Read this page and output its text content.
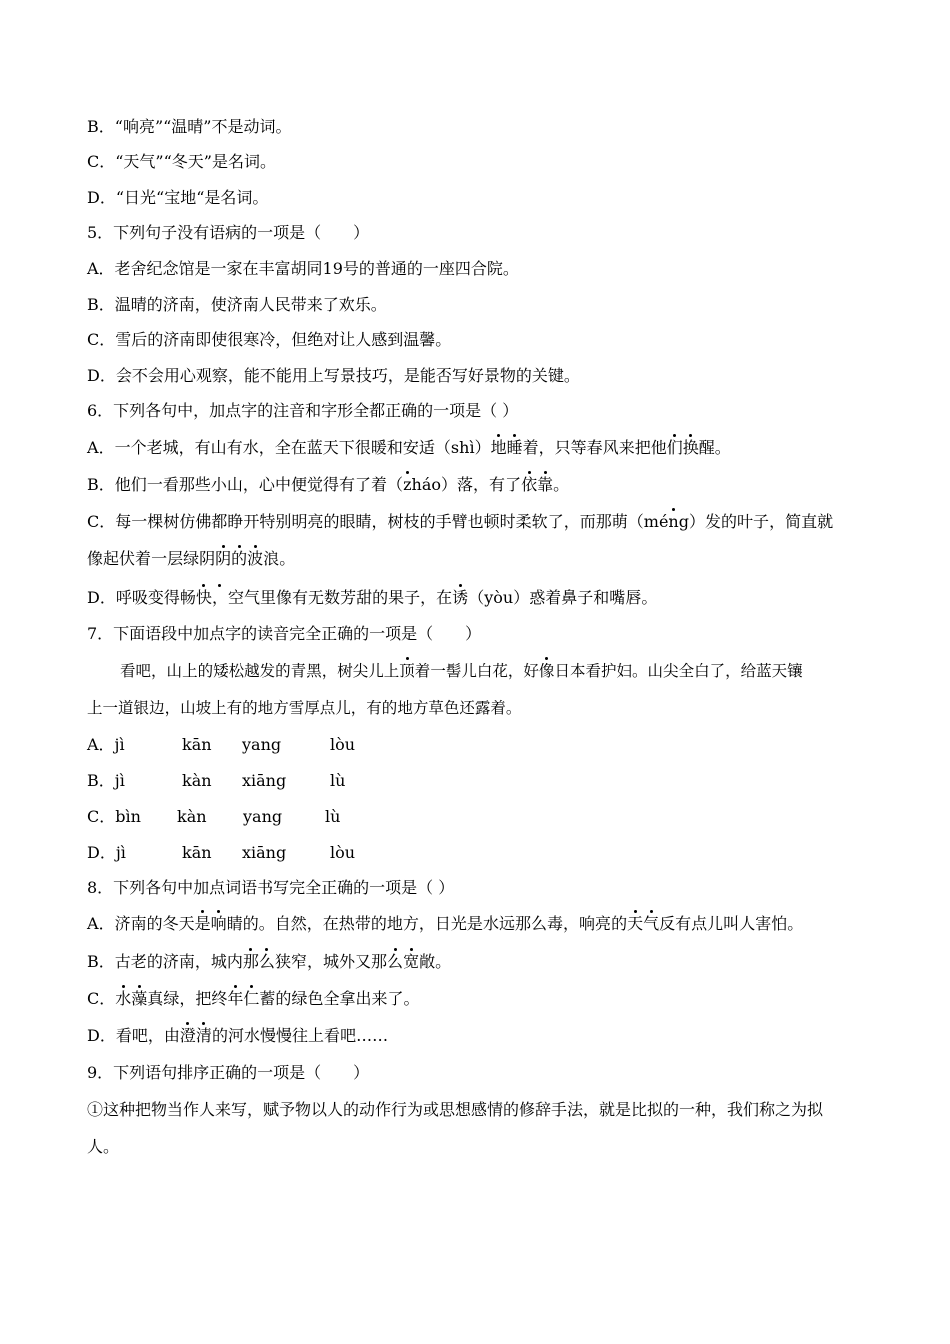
B．“响亮”“温晴”不是动词。
C．“天气”“冬天”是名词。
D．“日光“宝地“是名词。
5．下列句子没有语病的一项是（　　）
A．老舍纪念馆是一家在丰富胡同19号的普通的一座四合院。
B．温晴的济南，使济南人民带来了欢乐。
C．雪后的济南即使很寒冷，但绝对让人感到温馨。
D．会不会用心观察，能不能用上写景技巧，是能否写好景物的关键。
6．下列各句中，加点字的注音和字形全都正确的一项是（ ）
A．一个老城，有山有水，全在蓝天下很暖和安适（shì）地睡着，只等春风来把他们换醒。
B．他们一看那些小山，心中便觉得有了着（zháo）落，有了依靠。
C．每一棵树仿佛都睁开特别明亮的眼睛，树枝的手臂也顿时柔软了，而那萌（méng）发的叶子，简直就
像起伏着一层绿阴阴的波浪。
D．呼吸变得畅快，空气里像有无数芳甜的果子，在诱（yòu）惑着鼻子和嘴唇。
7．下面语段中加点字的读音完全正确的一项是（　　）
看吧，山上的矮松越发的青黑，树尖儿上顶着一髻儿白花，好像日本看护妇。山尖全白了，给蓝天镶
上一道银边，山坡上有的地方雪厚点儿，有的地方草色还露着。
8．下列各句中加点词语书写完全正确的一项是（ ）
A．济南的冬天是响睛的。自然，在热带的地方，日光是水远那么毒，响亮的天气反有点儿叫人害怕。
B．古老的济南，城内那么狭窄，城外又那么宽敞。
C．水藻真绿，把终年仁蓄的绿色全拿出来了。
D．看吧，由澄清的河水慢慢往上看吧……
9．下列语句排序正确的一项是（　　）
①这种把物当作人来写，赋予物以人的动作行为或思想感情的修辞手法，就是比拟的一种，我们称之为拟
人。
A．jì	kān yang	lòu
B．jì	kàn xiāng	lù
C．bìn kàn yang	lù
D．jì	kān xiāng	lòu
